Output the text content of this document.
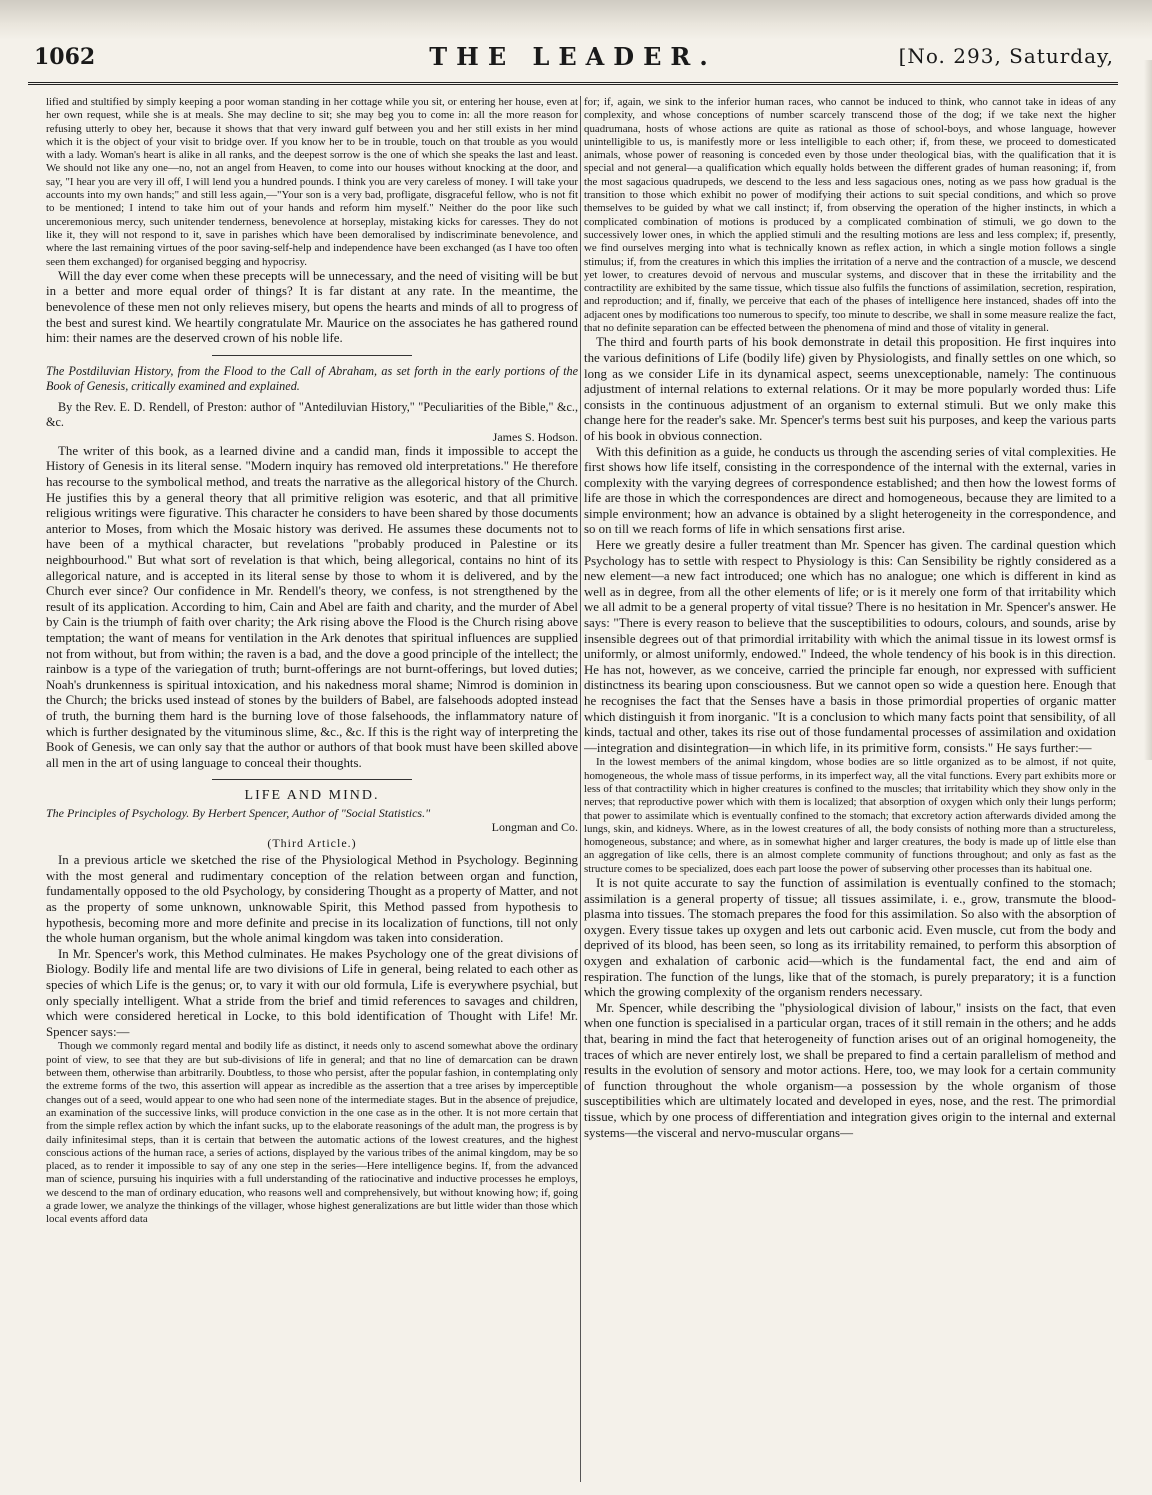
1062	THE LEADER.	[No. 293, Saturday,

lified and stultified by simply keeping a poor woman standing in her cottage while you sit, or entering her house, even at her own request, while she is at meals. She may decline to sit; she may beg you to come in: all the more reason for refusing utterly to obey her, because it shows that that very inward gulf between you and her still exists in her mind which it is the object of your visit to bridge over. If you know her to be in trouble, touch on that trouble as you would with a lady. Woman's heart is alike in all ranks, and the deepest sorrow is the one of which she speaks the last and least. We should not like any one—no, not an angel from Heaven, to come into our houses without knocking at the door, and say, "I hear you are very ill off, I will lend you a hundred pounds. I think you are very careless of money. I will take your accounts into my own hands;" and still less again,—"Your son is a very bad, profligate, disgraceful fellow, who is not fit to be mentioned; I intend to take him out of your hands and reform him myself." Neither do the poor like such unceremonious mercy, such unitender tenderness, benevolence at horseplay, mistaking kicks for caresses. They do not like it, they will not respond to it, save in parishes which have been demoralised by indiscriminate benevolence, and where the last remaining virtues of the poor saving-self-help and independence have been exchanged (as I have too often seen them exchanged) for organised begging and hypocrisy.

Will the day ever come when these precepts will be unnecessary, and the need of visiting will be but in a better and more equal order of things? It is far distant at any rate. In the meantime, the benevolence of these men not only relieves misery, but opens the hearts and minds of all to progress of the best and surest kind. We heartily congratulate Mr. Maurice on the associates he has gathered round him: their names are the deserved crown of his noble life.

The Postdiluvian History, from the Flood to the Call of Abraham, as set forth in the early portions of the Book of Genesis, critically examined and explained.

By the Rev. E. D. Rendell, of Preston: author of "Antediluvian History," "Peculiarities of the Bible," &c., &c.

James S. Hodson.

The writer of this book, as a learned divine and a candid man, finds it impossible to accept the History of Genesis in its literal sense. "Modern inquiry has removed old interpretations." He therefore has recourse to the symbolical method, and treats the narrative as the allegorical history of the Church. He justifies this by a general theory that all primitive religion was esoteric, and that all primitive religious writings were figurative. This character he considers to have been shared by those documents anterior to Moses, from which the Mosaic history was derived. He assumes these documents not to have been of a mythical character, but revelations "probably produced in Palestine or its neighbourhood." But what sort of revelation is that which, being allegorical, contains no hint of its allegorical nature, and is accepted in its literal sense by those to whom it is delivered, and by the Church ever since? Our confidence in Mr. Rendell's theory, we confess, is not strengthened by the result of its application. According to him, Cain and Abel are faith and charity, and the murder of Abel by Cain is the triumph of faith over charity; the Ark rising above the Flood is the Church rising above temptation; the want of means for ventilation in the Ark denotes that spiritual influences are supplied not from without, but from within; the raven is a bad, and the dove a good principle of the intellect; the rainbow is a type of the variegation of truth; burnt-offerings are not burnt-offerings, but loved duties; Noah's drunkenness is spiritual intoxication, and his nakedness moral shame; Nimrod is dominion in the Church; the bricks used instead of stones by the builders of Babel, are falsehoods adopted instead of truth, the burning them hard is the burning love of those falsehoods, the inflammatory nature of which is further designated by the vituminous slime, &c., &c. If this is the right way of interpreting the Book of Genesis, we can only say that the author or authors of that book must have been skilled above all men in the art of using language to conceal their thoughts.

LIFE AND MIND.

The Principles of Psychology. By Herbert Spencer, Author of "Social Statistics."

Longman and Co.
(Third Article.)

In a previous article we sketched the rise of the Physiological Method in Psychology. Beginning with the most general and rudimentary conception of the relation between organ and function, fundamentally opposed to the old Psychology, by considering Thought as a property of Matter, and not as the property of some unknown, unknowable Spirit, this Method passed from hypothesis to hypothesis, becoming more and more definite and precise in its localization of functions, till not only the whole human organism, but the whole animal kingdom was taken into consideration.

In Mr. Spencer's work, this Method culminates. He makes Psychology one of the great divisions of Biology. Bodily life and mental life are two divisions of Life in general, being related to each other as species of which Life is the genus; or, to vary it with our old formula, Life is everywhere psychial, but only specially intelligent. What a stride from the brief and timid references to savages and children, which were considered heretical in Locke, to this bold identification of Thought with Life! Mr. Spencer says:—

Though we commonly regard mental and bodily life as distinct, it needs only to ascend somewhat above the ordinary point of view, to see that they are but sub-divisions of life in general; and that no line of demarcation can be drawn between them, otherwise than arbitrarily. Doubtless, to those who persist, after the popular fashion, in contemplating only the extreme forms of the two, this assertion will appear as incredible as the assertion that a tree arises by imperceptible changes out of a seed, would appear to one who had seen none of the intermediate stages. But in the absence of prejudice, an examination of the successive links, will produce conviction in the one case as in the other. It is not more certain that from the simple reflex action by which the infant sucks, up to the elaborate reasonings of the adult man, the progress is by daily infinitesimal steps, than it is certain that between the automatic actions of the lowest creatures, and the highest conscious actions of the human race, a series of actions, displayed by the various tribes of the animal kingdom, may be so placed, as to render it impossible to say of any one step in the series—Here intelligence begins. If, from the advanced man of science, pursuing his inquiries with a full understanding of the ratiocinative and inductive processes he employs, we descend to the man of ordinary education, who reasons well and comprehensively, but without knowing how; if, going a grade lower, we analyze the thinkings of the villager, whose highest generalizations are but little wider than those which local events afford data

for; if, again, we sink to the inferior human races, who cannot be induced to think, who cannot take in ideas of any complexity, and whose conceptions of number scarcely transcend those of the dog; if we take next the higher quadrumana, hosts of whose actions are quite as rational as those of school-boys, and whose language, however unintelligible to us, is manifestly more or less intelligible to each other; if, from these, we proceed to domesticated animals, whose power of reasoning is conceded even by those under theological bias, with the qualification that it is special and not general—a qualification which equally holds between the different grades of human reasoning; if, from the most sagacious quadrupeds, we descend to the less and less sagacious ones, noting as we pass how gradual is the transition to those which exhibit no power of modifying their actions to suit special conditions, and which so prove themselves to be guided by what we call instinct; if, from observing the operation of the higher instincts, in which a complicated combination of motions is produced by a complicated combination of stimuli, we go down to the successively lower ones, in which the applied stimuli and the resulting motions are less and less complex; if, presently, we find ourselves merging into what is technically known as reflex action, in which a single motion follows a single stimulus; if, from the creatures in which this implies the irritation of a nerve and the contraction of a muscle, we descend yet lower, to creatures devoid of nervous and muscular systems, and discover that in these the irritability and the contractility are exhibited by the same tissue, which tissue also fulfils the functions of assimilation, secretion, respiration, and reproduction; and if, finally, we perceive that each of the phases of intelligence here instanced, shades off into the adjacent ones by modifications too numerous to specify, too minute to describe, we shall in some measure realize the fact, that no definite separation can be effected between the phenomena of mind and those of vitality in general.

The third and fourth parts of his book demonstrate in detail this proposition. He first inquires into the various definitions of Life (bodily life) given by Physiologists, and finally settles on one which, so long as we consider Life in its dynamical aspect, seems unexceptionable, namely: The continuous adjustment of internal relations to external relations. Or it may be more popularly worded thus: Life consists in the continuous adjustment of an organism to external stimuli. But we only make this change here for the reader's sake. Mr. Spencer's terms best suit his purposes, and keep the various parts of his book in obvious connection.

With this definition as a guide, he conducts us through the ascending series of vital complexities. He first shows how life itself, consisting in the correspondence of the internal with the external, varies in complexity with the varying degrees of correspondence established; and then how the lowest forms of life are those in which the correspondences are direct and homogeneous, because they are limited to a simple environment; how an advance is obtained by a slight heterogeneity in the correspondence, and so on till we reach forms of life in which sensations first arise.

Here we greatly desire a fuller treatment than Mr. Spencer has given. The cardinal question which Psychology has to settle with respect to Physiology is this: Can Sensibility be rightly considered as a new element—a new fact introduced; one which has no analogue; one which is different in kind as well as in degree, from all the other elements of life; or is it merely one form of that irritability which we all admit to be a general property of vital tissue? There is no hesitation in Mr. Spencer's answer. He says: "There is every reason to believe that the susceptibilities to odours, colours, and sounds, arise by insensible degrees out of that primordial irritability with which the animal tissue in its lowest ormsf is uniformly, or almost uniformly, endowed." Indeed, the whole tendency of his book is in this direction. He has not, however, as we conceive, carried the principle far enough, nor expressed with sufficient distinctness its bearing upon consciousness. But we cannot open so wide a question here. Enough that he recognises the fact that the Senses have a basis in those primordial properties of organic matter which distinguish it from inorganic. "It is a conclusion to which many facts point that sensibility, of all kinds, tactual and other, takes its rise out of those fundamental processes of assimilation and oxidation—integration and disintegration—in which life, in its primitive form, consists." He says further:—

In the lowest members of the animal kingdom, whose bodies are so little organized as to be almost, if not quite, homogeneous, the whole mass of tissue performs, in its imperfect way, all the vital functions. Every part exhibits more or less of that contractility which in higher creatures is confined to the muscles; that irritability which they show only in the nerves; that reproductive power which with them is localized; that absorption of oxygen which only their lungs perform; that power to assimilate which is eventually confined to the stomach; that excretory action afterwards divided among the lungs, skin, and kidneys. Where, as in the lowest creatures of all, the body consists of nothing more than a structureless, homogeneous, substance; and where, as in somewhat higher and larger creatures, the body is made up of little else than an aggregation of like cells, there is an almost complete community of functions throughout; and only as fast as the structure comes to be specialized, does each part loose the power of subserving other processes than its habitual one.

It is not quite accurate to say the function of assimilation is eventually confined to the stomach; assimilation is a general property of tissue; all tissues assimilate, i. e., grow, transmute the blood-plasma into tissues. The stomach prepares the food for this assimilation. So also with the absorption of oxygen. Every tissue takes up oxygen and lets out carbonic acid. Even muscle, cut from the body and deprived of its blood, has been seen, so long as its irritability remained, to perform this absorption of oxygen and exhalation of carbonic acid—which is the fundamental fact, the end and aim of respiration. The function of the lungs, like that of the stomach, is purely preparatory; it is a function which the growing complexity of the organism renders necessary.

Mr. Spencer, while describing the "physiological division of labour," insists on the fact, that even when one function is specialised in a particular organ, traces of it still remain in the others; and he adds that, bearing in mind the fact that heterogeneity of function arises out of an original homogeneity, the traces of which are never entirely lost, we shall be prepared to find a certain parallelism of method and results in the evolution of sensory and motor actions. Here, too, we may look for a certain community of function throughout the whole organism—a possession by the whole organism of those susceptibilities which are ultimately located and developed in eyes, nose, and the rest. The primordial tissue, which by one process of differentiation and integration gives origin to the internal and external systems—the visceral and nervo-muscular organs—
